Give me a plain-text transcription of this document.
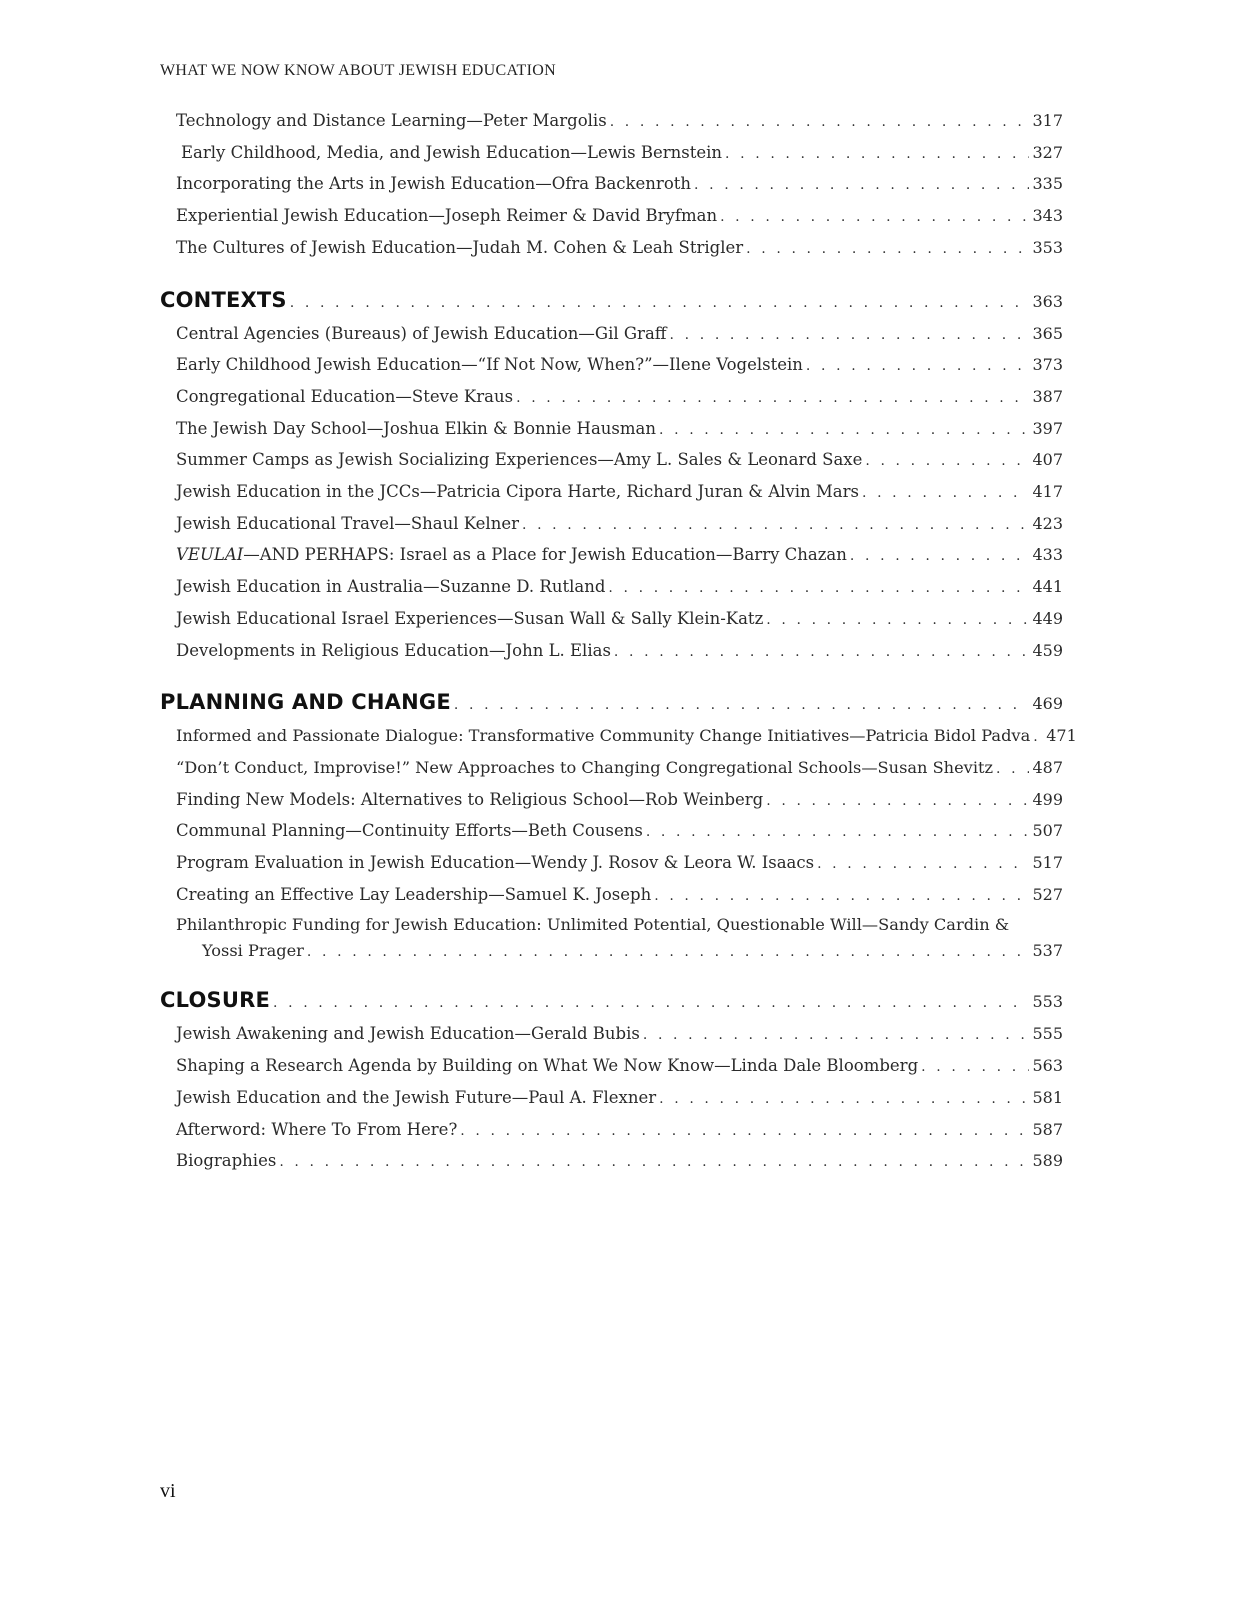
WHAT WE NOW KNOW ABOUT JEWISH EDUCATION
Technology and Distance Learning—Peter Margolis . . .	317
Early Childhood, Media, and Jewish Education—Lewis Bernstein . . .	327
Incorporating the Arts in Jewish Education—Ofra Backenroth . . .	335
Experiential Jewish Education—Joseph Reimer & David Bryfman . . .	343
The Cultures of Jewish Education—Judah M. Cohen & Leah Strigler . . .	353
CONTEXTS . . .	363
Central Agencies (Bureaus) of Jewish Education—Gil Graff . . .	365
Early Childhood Jewish Education—“If Not Now, When?”—Ilene Vogelstein . . .	373
Congregational Education—Steve Kraus . . .	387
The Jewish Day School—Joshua Elkin & Bonnie Hausman . . .	397
Summer Camps as Jewish Socializing Experiences—Amy L. Sales & Leonard Saxe . . .	407
Jewish Education in the JCCs—Patricia Cipora Harte, Richard Juran & Alvin Mars . . .	417
Jewish Educational Travel—Shaul Kelner . . .	423
VEULAI—AND PERHAPS: Israel as a Place for Jewish Education—Barry Chazan . . .	433
Jewish Education in Australia—Suzanne D. Rutland . . .	441
Jewish Educational Israel Experiences—Susan Wall & Sally Klein-Katz . . .	449
Developments in Religious Education—John L. Elias . . .	459
PLANNING AND CHANGE . . .	469
Informed and Passionate Dialogue: Transformative Community Change Initiatives—Patricia Bidol Padva . . . 471
“Don’t Conduct, Improvise!” New Approaches to Changing Congregational Schools—Susan Shevitz . . . 487
Finding New Models: Alternatives to Religious School—Rob Weinberg . . .	499
Communal Planning—Continuity Efforts—Beth Cousens . . .	507
Program Evaluation in Jewish Education—Wendy J. Rosov & Leora W. Isaacs . . .	517
Creating an Effective Lay Leadership—Samuel K. Joseph . . .	527
Philanthropic Funding for Jewish Education: Unlimited Potential, Questionable Will—Sandy Cardin &
Yossi Prager . . .	537
CLOSURE . . .	553
Jewish Awakening and Jewish Education—Gerald Bubis . . .	555
Shaping a Research Agenda by Building on What We Now Know—Linda Dale Bloomberg . . .	563
Jewish Education and the Jewish Future—Paul A. Flexner . . .	581
Afterword: Where To From Here? . . .	587
Biographies . . .	589
vi
